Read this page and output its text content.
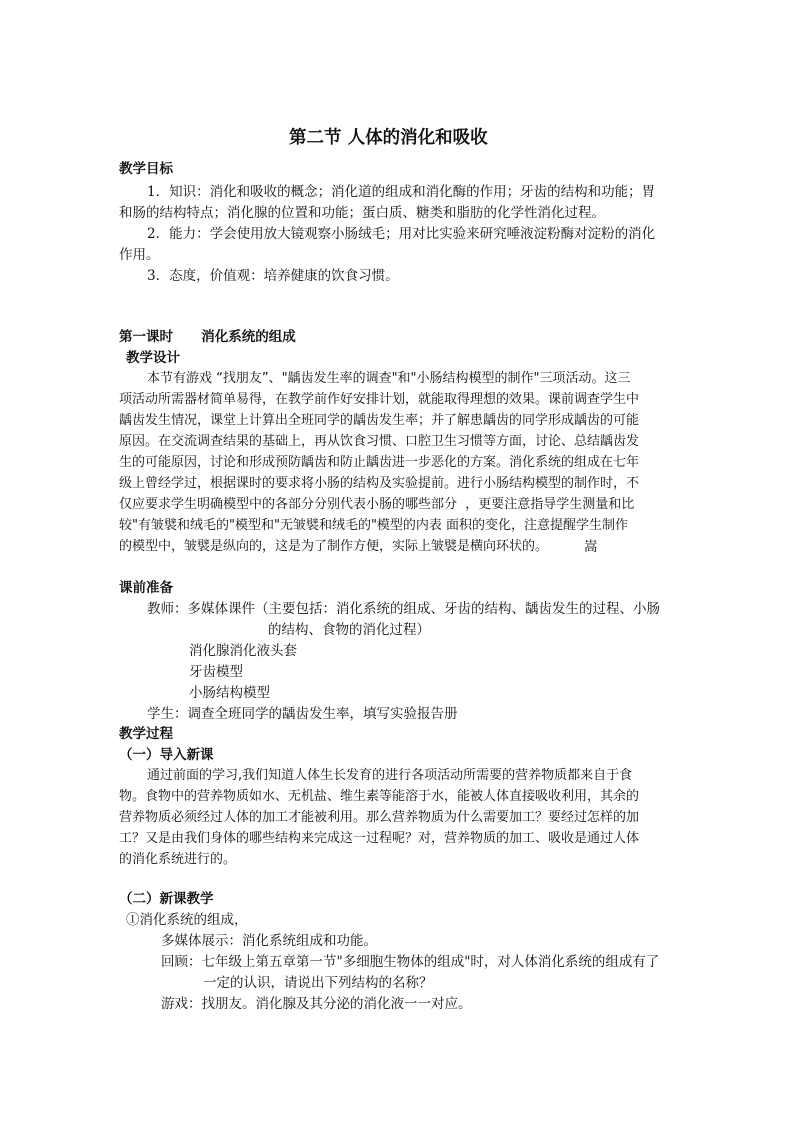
第二节 人体的消化和吸收
教学目标
1．知识：消化和吸收的概念；消化道的组成和消化酶的作用；牙齿的结构和功能；胃
和肠的结构特点；消化腺的位置和功能；蛋白质、糖类和脂肪的化学性消化过程。
2．能力：学会使用放大镜观察小肠绒毛；用对比实验来研究唾液淀粉酶对淀粉的消化
作用。
3．态度，价值观：培养健康的饮食习惯。
第一课时      消化系统的组成
教学设计
本节有游戏 “找朋友”、"龋齿发生率的调查"和"小肠结构模型的制作"三项活动。这三
项活动所需器材简单易得，在教学前作好安排计划，就能取得理想的效果。课前调查学生中
龋齿发生情况，课堂上计算出全班同学的龋齿发生率；并了解患龋齿的同学形成龋齿的可能
原因。在交流调查结果的基础上，再从饮食习惯、口腔卫生习惯等方面，讨论、总结龋齿发
生的可能原因，讨论和形成预防龋齿和防止龋齿进一步恶化的方案。消化系统的组成在七年
级上曾经学过，根据课时的要求将小肠的结构及实验提前。进行小肠结构模型的制作时，不
仅应要求学生明确模型中的各部分分别代表小肠的哪些部分  ，更要注意指导学生测量和比
较"有皱襞和绒毛的"模型和"无皱襞和绒毛的"模型的内表 面积的变化，注意提醒学生制作
的模型中，皱襞是纵向的，这是为了制作方便，实际上皱襞是横向环状的。	嵩
课前准备
教师：多媒体课件（主要包括：消化系统的组成、牙齿的结构、龋齿发生的过程、小肠
的结构、食物的消化过程）
消化腺消化液头套
牙齿模型
小肠结构模型
学生：调查全班同学的龋齿发生率，填写实验报告册
教学过程
（一）导入新课
通过前面的学习,我们知道人体生长发育的进行各项活动所需要的营养物质都来自于食
物。食物中的营养物质如水、无机盐、维生素等能溶于水，能被人体直接吸收利用，其余的
营养物质必须经过人体的加工才能被利用。那么营养物质为什么需要加工？要经过怎样的加
工？又是由我们身体的哪些结构来完成这一过程呢？对，营养物质的加工、吸收是通过人体
的消化系统进行的。
（二）新课教学
①消化系统的组成，
多媒体展示：消化系统组成和功能。
回顾：七年级上第五章第一节"多细胞生物体的组成"时，对人体消化系统的组成有了
一定的认识，请说出下列结构的名称？
游戏：找朋友。消化腺及其分泌的消化液一一对应。
